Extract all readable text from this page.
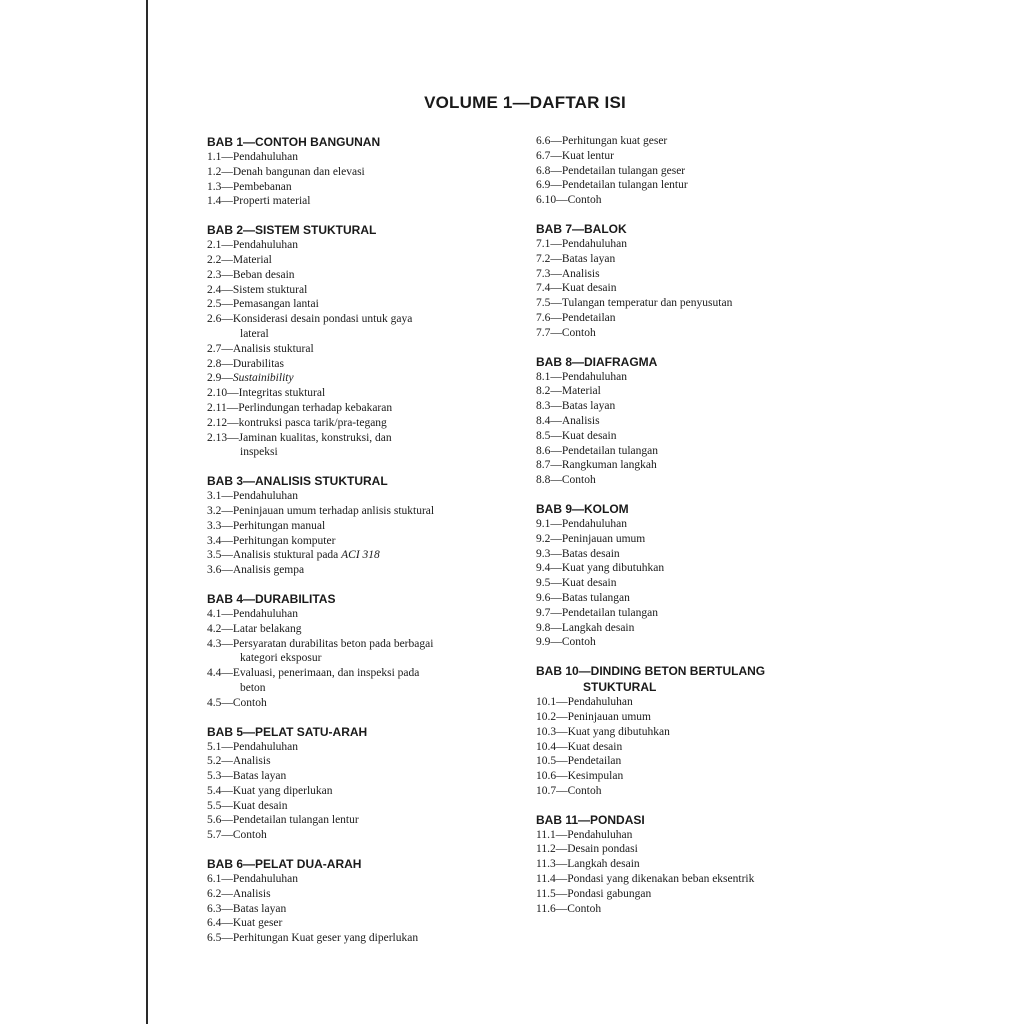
VOLUME 1—DAFTAR ISI
BAB 1—CONTOH BANGUNAN
1.1—Pendahuluhan
1.2—Denah bangunan dan elevasi
1.3—Pembebanan
1.4—Properti material
BAB 2—SISTEM STUKTURAL
2.1—Pendahuluhan
2.2—Material
2.3—Beban desain
2.4—Sistem stuktural
2.5—Pemasangan lantai
2.6—Konsiderasi desain pondasi untuk gaya
lateral
2.7—Analisis stuktural
2.8—Durabilitas
2.9—Sustainibility
2.10—Integritas stuktural
2.11—Perlindungan terhadap kebakaran
2.12—kontruksi pasca tarik/pra-tegang
2.13—Jaminan kualitas, konstruksi, dan
inspeksi
BAB 3—ANALISIS STUKTURAL
3.1—Pendahuluhan
3.2—Peninjauan umum terhadap anlisis stuktural
3.3—Perhitungan manual
3.4—Perhitungan komputer
3.5—Analisis stuktural pada ACI 318
3.6—Analisis gempa
BAB 4—DURABILITAS
4.1—Pendahuluhan
4.2—Latar belakang
4.3—Persyaratan durabilitas beton pada berbagai
kategori eksposur
4.4—Evaluasi, penerimaan, dan inspeksi pada
beton
4.5—Contoh
BAB 5—PELAT SATU-ARAH
5.1—Pendahuluhan
5.2—Analisis
5.3—Batas layan
5.4—Kuat yang diperlukan
5.5—Kuat desain
5.6—Pendetailan tulangan lentur
5.7—Contoh
BAB 6—PELAT DUA-ARAH
6.1—Pendahuluhan
6.2—Analisis
6.3—Batas layan
6.4—Kuat geser
6.5—Perhitungan Kuat geser yang diperlukan
6.6—Perhitungan kuat geser
6.7—Kuat lentur
6.8—Pendetailan tulangan geser
6.9—Pendetailan tulangan lentur
6.10—Contoh
BAB 7—BALOK
7.1—Pendahuluhan
7.2—Batas layan
7.3—Analisis
7.4—Kuat desain
7.5—Tulangan temperatur dan penyusutan
7.6—Pendetailan
7.7—Contoh
BAB 8—DIAFRAGMA
8.1—Pendahuluhan
8.2—Material
8.3—Batas layan
8.4—Analisis
8.5—Kuat desain
8.6—Pendetailan tulangan
8.7—Rangkuman langkah
8.8—Contoh
BAB 9—KOLOM
9.1—Pendahuluhan
9.2—Peninjauan umum
9.3—Batas desain
9.4—Kuat yang dibutuhkan
9.5—Kuat desain
9.6—Batas tulangan
9.7—Pendetailan tulangan
9.8—Langkah desain
9.9—Contoh
BAB 10—DINDING BETON BERTULANG
STUKTURAL
10.1—Pendahuluhan
10.2—Peninjauan umum
10.3—Kuat yang dibutuhkan
10.4—Kuat desain
10.5—Pendetailan
10.6—Kesimpulan
10.7—Contoh
BAB 11—PONDASI
11.1—Pendahuluhan
11.2—Desain pondasi
11.3—Langkah desain
11.4—Pondasi yang dikenakan beban eksentrik
11.5—Pondasi gabungan
11.6—Contoh
